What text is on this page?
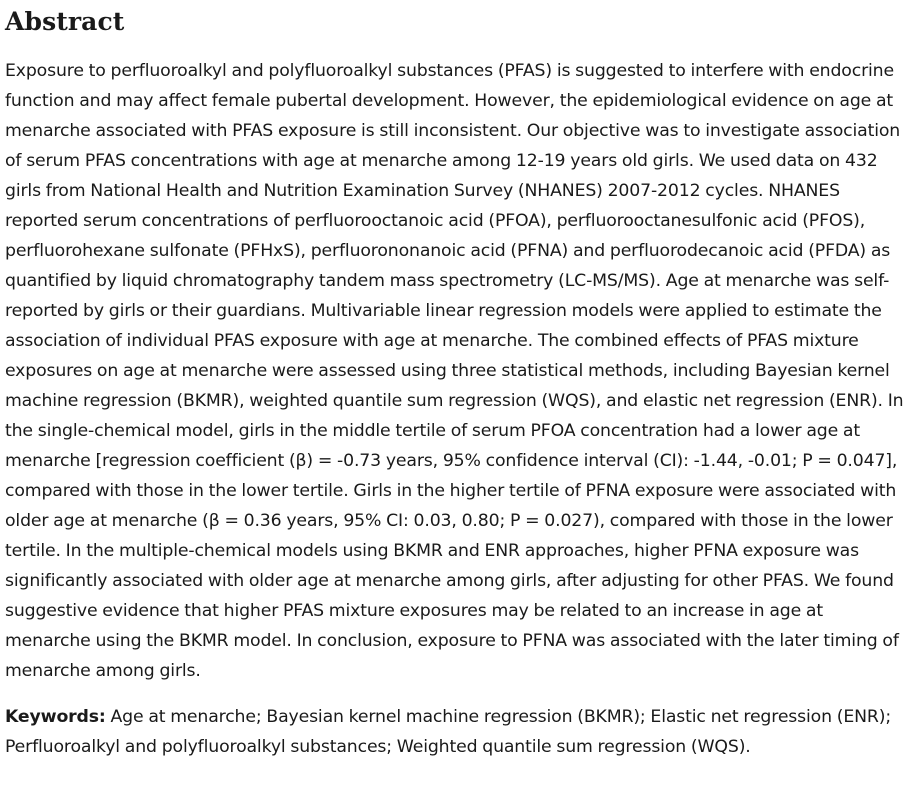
Abstract

Exposure to perfluoroalkyl and polyfluoroalkyl substances (PFAS) is suggested to interfere with endocrine function and may affect female pubertal development. However, the epidemiological evidence on age at menarche associated with PFAS exposure is still inconsistent. Our objective was to investigate association of serum PFAS concentrations with age at menarche among 12-19 years old girls. We used data on 432 girls from National Health and Nutrition Examination Survey (NHANES) 2007-2012 cycles. NHANES reported serum concentrations of perfluorooctanoic acid (PFOA), perfluorooctanesulfonic acid (PFOS), perfluorohexane sulfonate (PFHxS), perfluorononanoic acid (PFNA) and perfluorodecanoic acid (PFDA) as quantified by liquid chromatography tandem mass spectrometry (LC-MS/MS). Age at menarche was self-reported by girls or their guardians. Multivariable linear regression models were applied to estimate the association of individual PFAS exposure with age at menarche. The combined effects of PFAS mixture exposures on age at menarche were assessed using three statistical methods, including Bayesian kernel machine regression (BKMR), weighted quantile sum regression (WQS), and elastic net regression (ENR). In the single-chemical model, girls in the middle tertile of serum PFOA concentration had a lower age at menarche [regression coefficient (β) = -0.73 years, 95% confidence interval (CI): -1.44, -0.01; P = 0.047], compared with those in the lower tertile. Girls in the higher tertile of PFNA exposure were associated with older age at menarche (β = 0.36 years, 95% CI: 0.03, 0.80; P = 0.027), compared with those in the lower tertile. In the multiple-chemical models using BKMR and ENR approaches, higher PFNA exposure was significantly associated with older age at menarche among girls, after adjusting for other PFAS. We found suggestive evidence that higher PFAS mixture exposures may be related to an increase in age at menarche using the BKMR model. In conclusion, exposure to PFNA was associated with the later timing of menarche among girls.

Keywords: Age at menarche; Bayesian kernel machine regression (BKMR); Elastic net regression (ENR); Perfluoroalkyl and polyfluoroalkyl substances; Weighted quantile sum regression (WQS).
